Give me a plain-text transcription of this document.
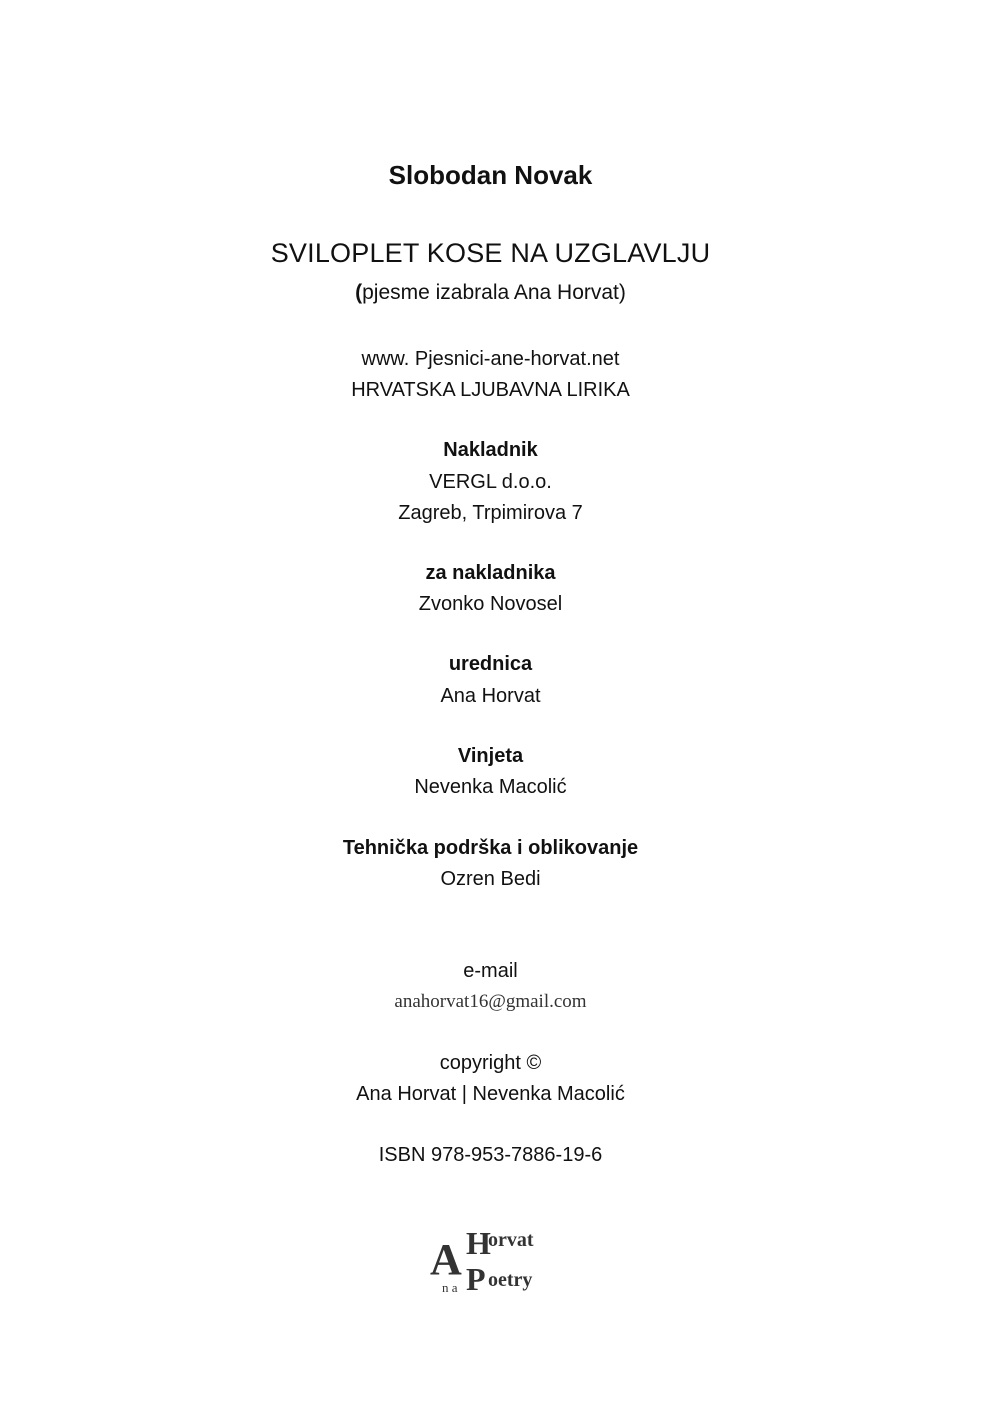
Slobodan Novak
SVILOPLET KOSE NA UZGLAVLJU
(pjesme izabrala Ana Horvat)
www. Pjesnici-ane-horvat.net
HRVATSKA LJUBAVNA LIRIKA
Nakladnik
VERGL d.o.o.
Zagreb, Trpimirova 7
za nakladnika
Zvonko Novosel
urednica
Ana Horvat
Vinjeta
Nevenka Macolić
Tehnička podrška i oblikovanje
Ozren Bedi
e-mail
anahorvat16@gmail.com
copyright ©
Ana Horvat | Nevenka Macolić
ISBN 978-953-7886-19-6
A H
orvat
P oetry
n a
